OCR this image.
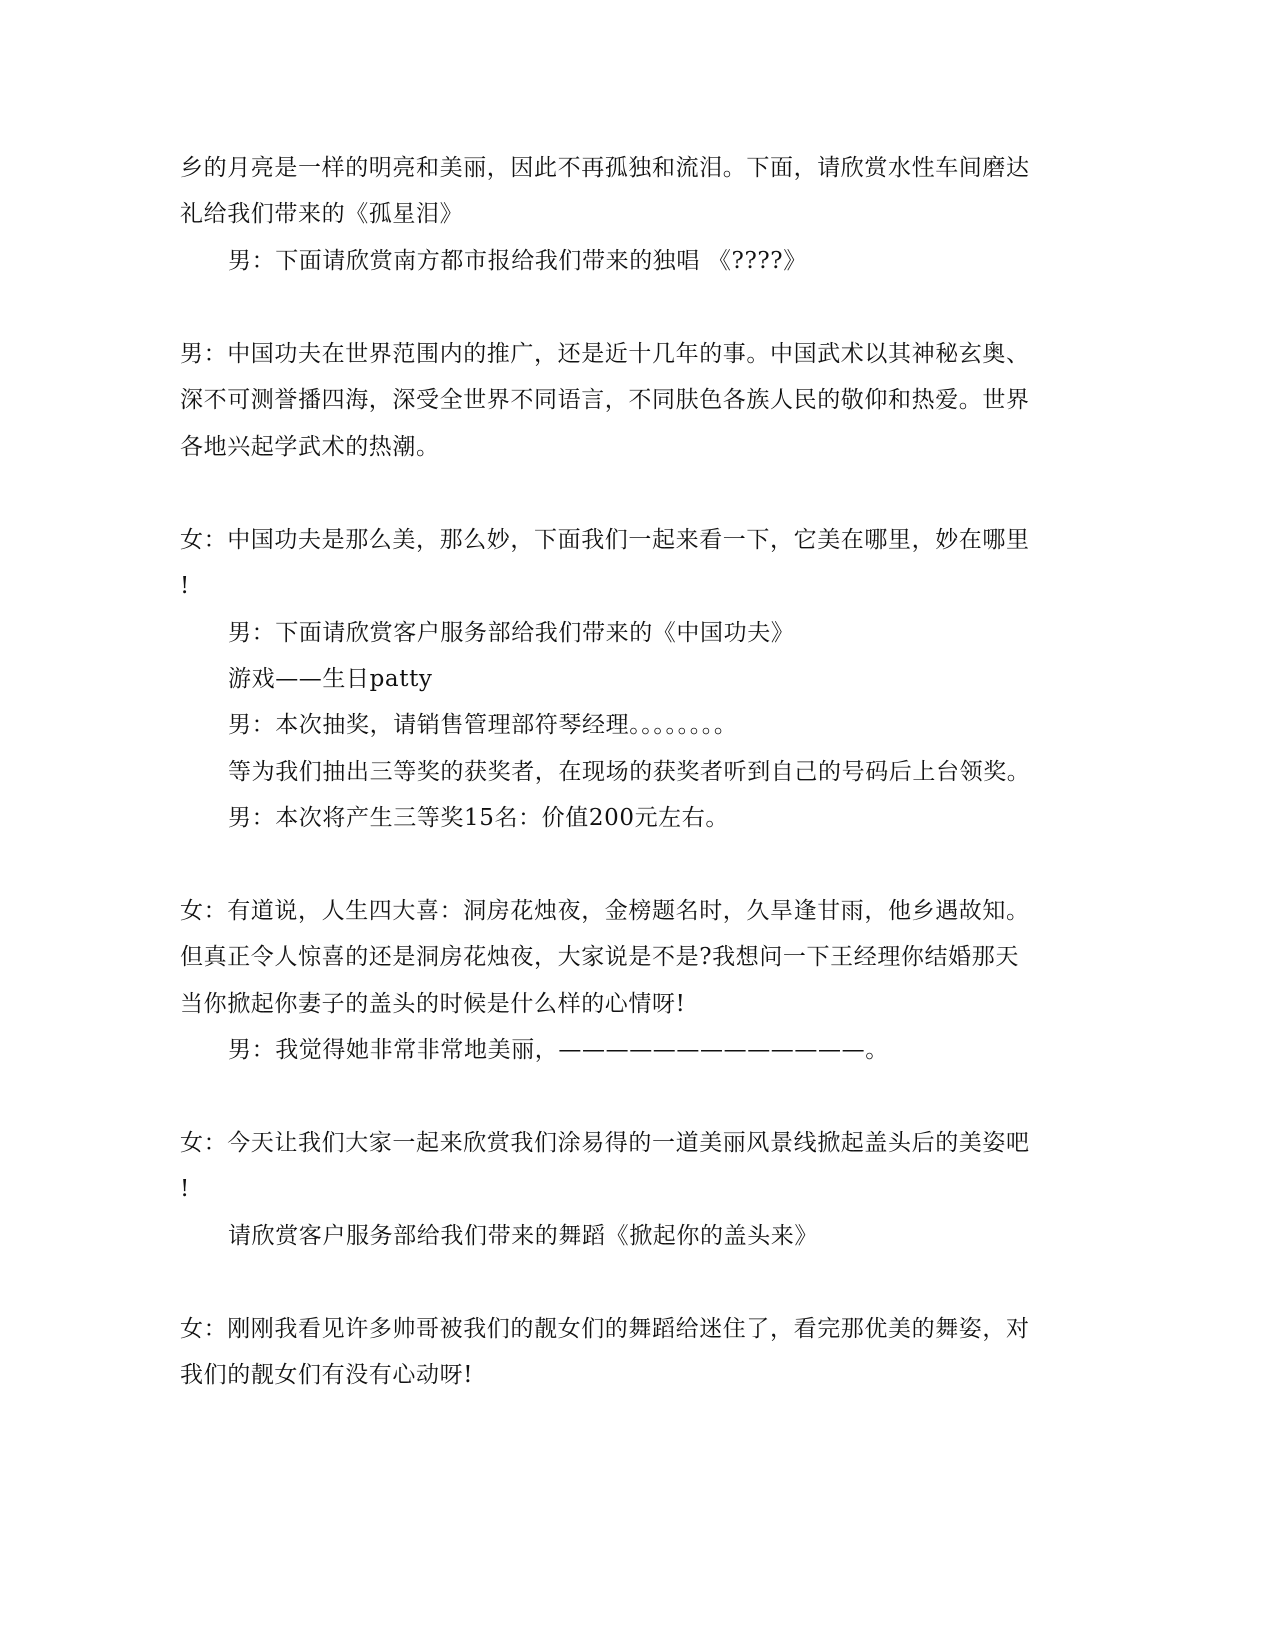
乡的月亮是一样的明亮和美丽，因此不再孤独和流泪。下面，请欣赏水性车间磨达
礼给我们带来的《孤星泪》
男：下面请欣赏南方都市报给我们带来的独唱 《????》
男：中国功夫在世界范围内的推广，还是近十几年的事。中国武术以其神秘玄奥、
深不可测誉播四海，深受全世界不同语言，不同肤色各族人民的敬仰和热爱。世界
各地兴起学武术的热潮。
女：中国功夫是那么美，那么妙，下面我们一起来看一下，它美在哪里，妙在哪里
!
男：下面请欣赏客户服务部给我们带来的《中国功夫》
游戏——生日patty
男：本次抽奖，请销售管理部符琴经理。。。。。。。。
等为我们抽出三等奖的获奖者，在现场的获奖者听到自己的号码后上台领奖。
男：本次将产生三等奖15名：价值200元左右。
女：有道说，人生四大喜：洞房花烛夜，金榜题名时，久旱逢甘雨，他乡遇故知。
但真正令人惊喜的还是洞房花烛夜，大家说是不是?我想问一下王经理你结婚那天
当你掀起你妻子的盖头的时候是什么样的心情呀!
男：我觉得她非常非常地美丽，—————————————。
女：今天让我们大家一起来欣赏我们涂易得的一道美丽风景线掀起盖头后的美姿吧
!
请欣赏客户服务部给我们带来的舞蹈《掀起你的盖头来》
女：刚刚我看见许多帅哥被我们的靓女们的舞蹈给迷住了，看完那优美的舞姿，对
我们的靓女们有没有心动呀!
